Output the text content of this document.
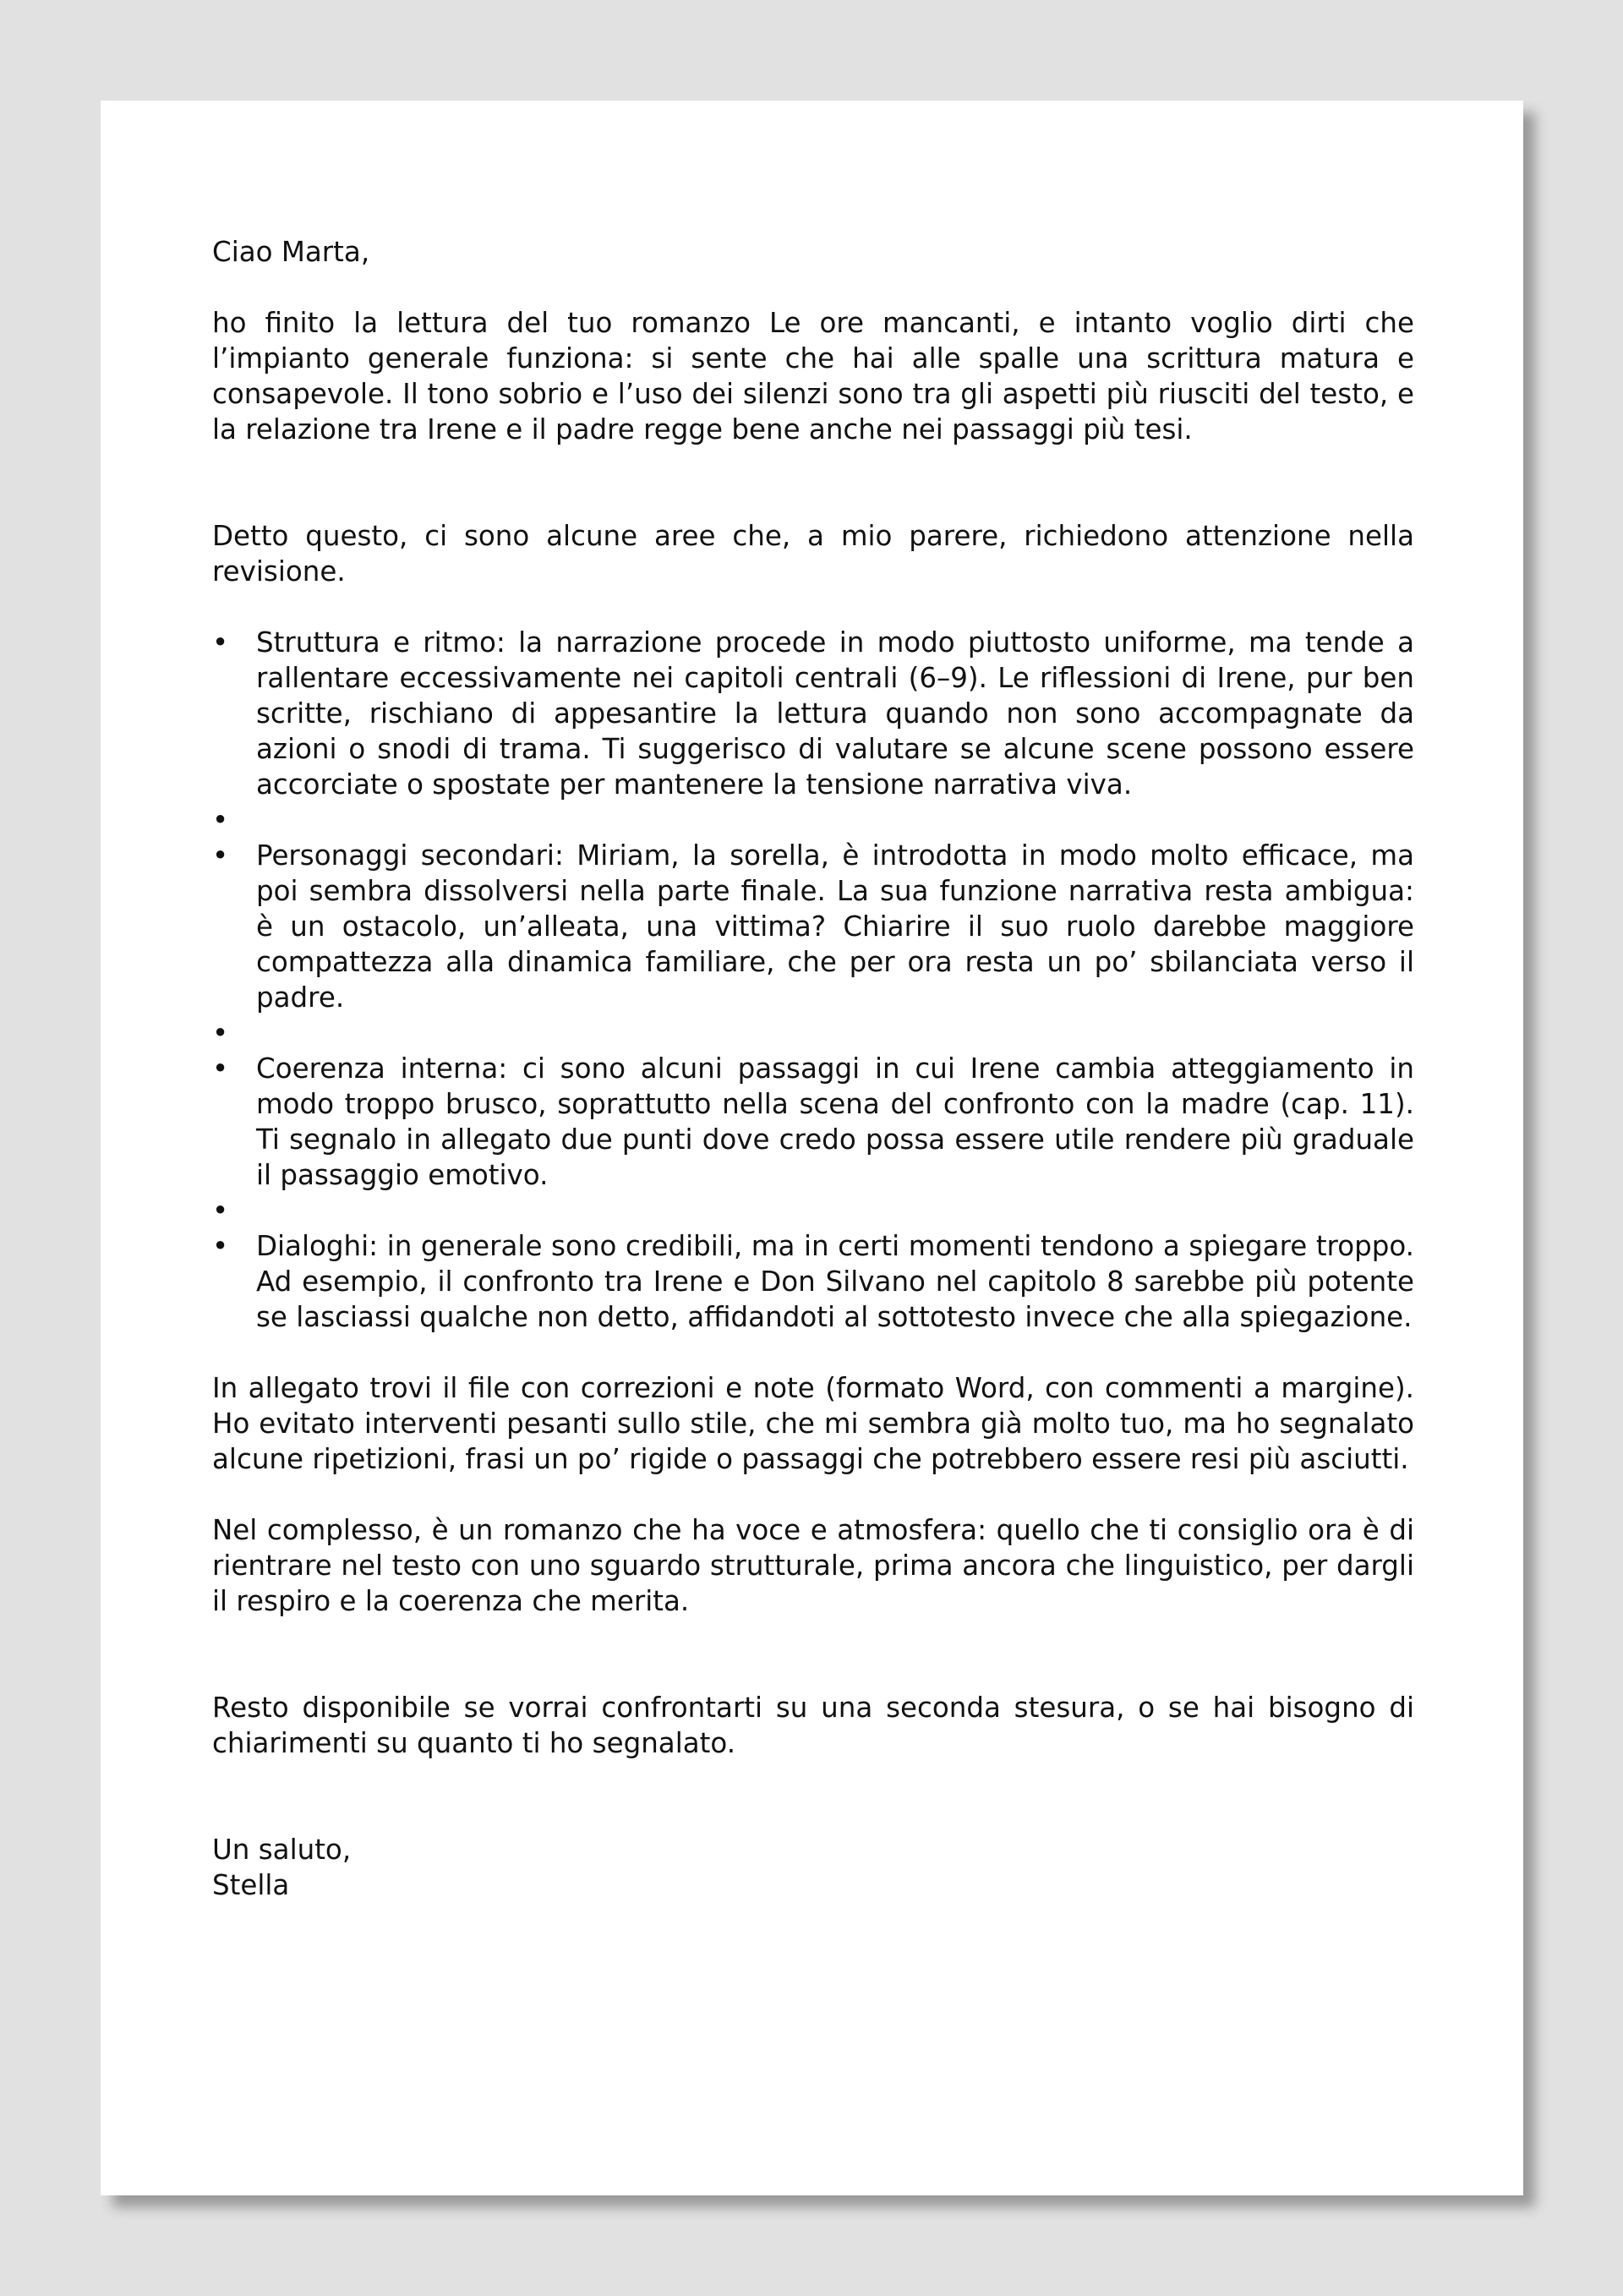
Ciao Marta,

ho finito la lettura del tuo romanzo Le ore mancanti, e intanto voglio dirti che l’impianto generale funziona: si sente che hai alle spalle una scrittura matura e consapevole. Il tono sobrio e l’uso dei silenzi sono tra gli aspetti più riusciti del testo, e la relazione tra Irene e il padre regge bene anche nei passaggi più tesi.

Detto questo, ci sono alcune aree che, a mio parere, richiedono attenzione nella revisione.

• Struttura e ritmo: la narrazione procede in modo piuttosto uniforme, ma tende a rallentare eccessivamente nei capitoli centrali (6–9). Le riflessioni di Irene, pur ben scritte, rischiano di appesantire la lettura quando non sono accompagnate da azioni o snodi di trama. Ti suggerisco di valutare se alcune scene possono essere accorciate o spostate per mantenere la tensione narrativa viva.
•
• Personaggi secondari: Miriam, la sorella, è introdotta in modo molto efficace, ma poi sembra dissolversi nella parte finale. La sua funzione narrativa resta ambigua: è un ostacolo, un’alleata, una vittima? Chiarire il suo ruolo darebbe maggiore compattezza alla dinamica familiare, che per ora resta un po’ sbilanciata verso il padre.
•
• Coerenza interna: ci sono alcuni passaggi in cui Irene cambia atteggiamento in modo troppo brusco, soprattutto nella scena del confronto con la madre (cap. 11). Ti segnalo in allegato due punti dove credo possa essere utile rendere più graduale il passaggio emotivo.
•
• Dialoghi: in generale sono credibili, ma in certi momenti tendono a spiegare troppo. Ad esempio, il confronto tra Irene e Don Silvano nel capitolo 8 sarebbe più potente se lasciassi qualche non detto, affidandoti al sottotesto invece che alla spiegazione.

In allegato trovi il file con correzioni e note (formato Word, con commenti a margine). Ho evitato interventi pesanti sullo stile, che mi sembra già molto tuo, ma ho segnalato alcune ripetizioni, frasi un po’ rigide o passaggi che potrebbero essere resi più asciutti.

Nel complesso, è un romanzo che ha voce e atmosfera: quello che ti consiglio ora è di rientrare nel testo con uno sguardo strutturale, prima ancora che linguistico, per dargli il respiro e la coerenza che merita.

Resto disponibile se vorrai confrontarti su una seconda stesura, o se hai bisogno di chiarimenti su quanto ti ho segnalato.

Un saluto,

Stella
